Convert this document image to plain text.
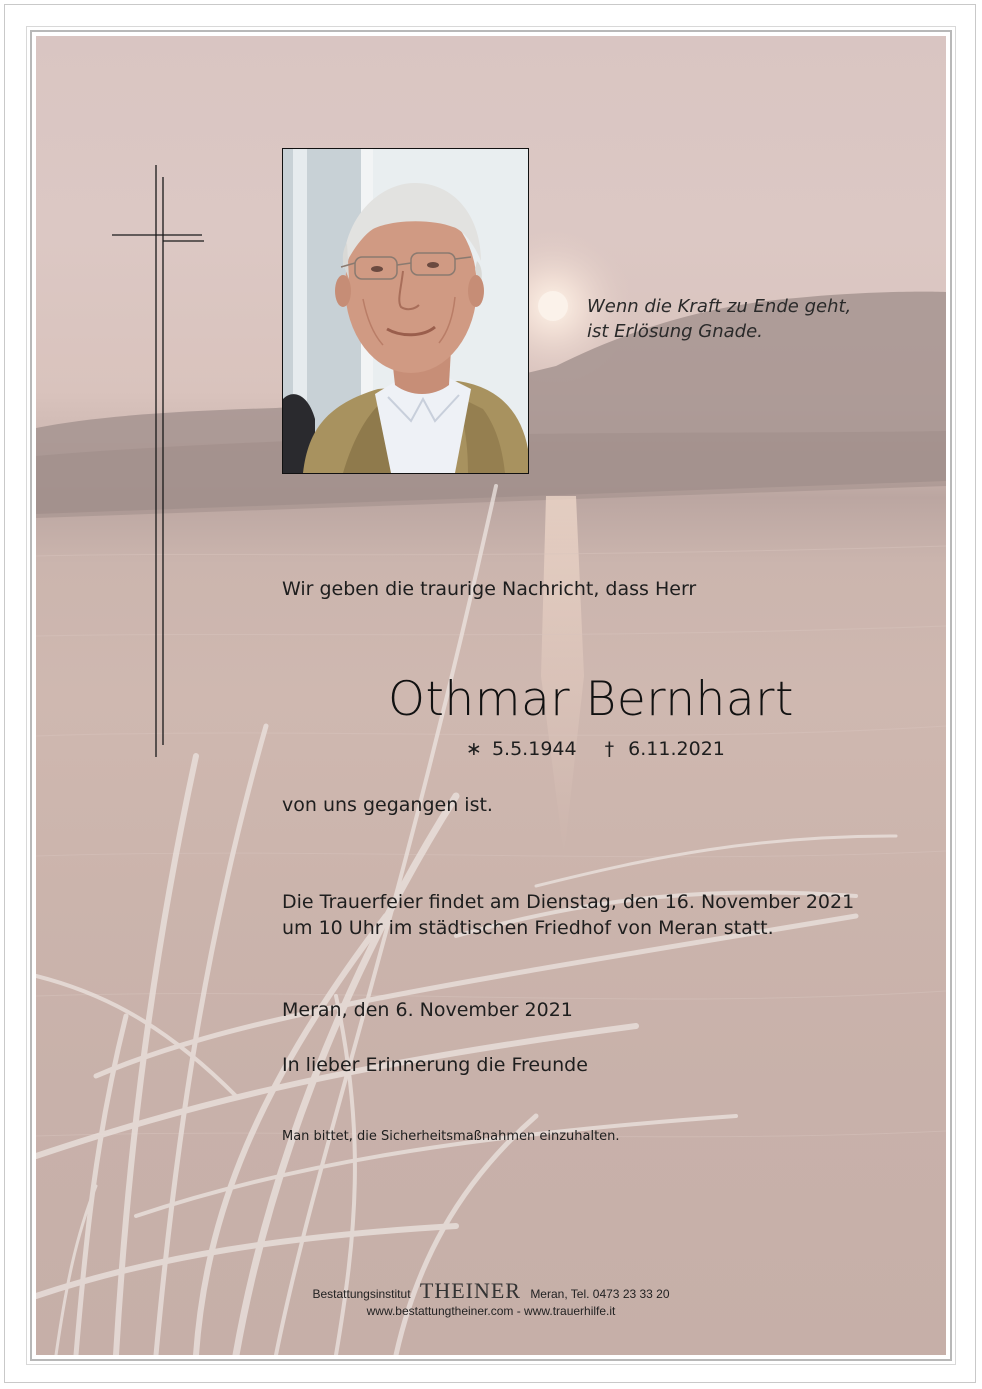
Wenn die Kraft zu Ende geht,
ist Erlösung Gnade.
Wir geben die traurige Nachricht, dass Herr
Othmar Bernhart
∗ 5.5.1944 † 6.11.2021
von uns gegangen ist.
Die Trauerfeier findet am Dienstag, den 16. November 2021
um 10 Uhr im städtischen Friedhof von Meran statt.
Meran, den 6. November 2021
In lieber Erinnerung die Freunde
Man bittet, die Sicherheitsmaßnahmen einzuhalten.
Bestattungsinstitut THEINER Meran, Tel. 0473 23 33 20
www.bestattungtheiner.com - www.trauerhilfe.it
